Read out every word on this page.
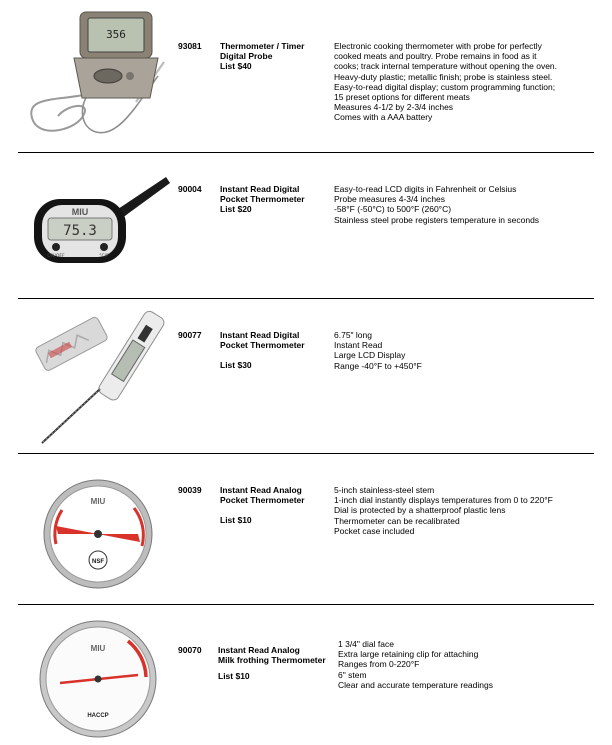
356
93081 Thermometer / Timer
Digital Probe
List $40
Electronic cooking thermometer with probe for perfectly
cooked meats and poultry. Probe remains in food as it
cooks; track internal temperature without opening the oven.
Heavy-duty plastic; metallic finish; probe is stainless steel.
Easy-to-read digital display; custom programming function;
15 preset options for different meats
Measures 4-1/2 by 2-3/4 inches
Comes with a AAA battery
MIU
75.3
ON/OFF	°C/F
90004 Instant Read Digital
Pocket Thermometer
List $20
Easy-to-read LCD digits in Fahrenheit or Celsius
Probe measures 4-3/4 inches
-58°F (-50°C) to 500°F (260°C)
Stainless steel probe registers temperature in seconds
90077 Instant Read Digital
Pocket Thermometer
List $30
6.75" long
Instant Read
Large LCD Display
Range -40°F to +450°F
MIU
NSF
90039 Instant Read Analog
Pocket Thermometer
List $10
5-inch stainless-steel stem
1-inch dial instantly displays temperatures from 0 to 220°F
Dial is protected by a shatterproof plastic lens
Thermometer can be recalibrated
Pocket case included
MIU
HACCP
90070 Instant Read Analog
Milk frothing Thermometer
List $10
1 3/4" dial face
Extra large retaining clip for attaching
Ranges from 0-220°F
6" stem
Clear and accurate temperature readings
